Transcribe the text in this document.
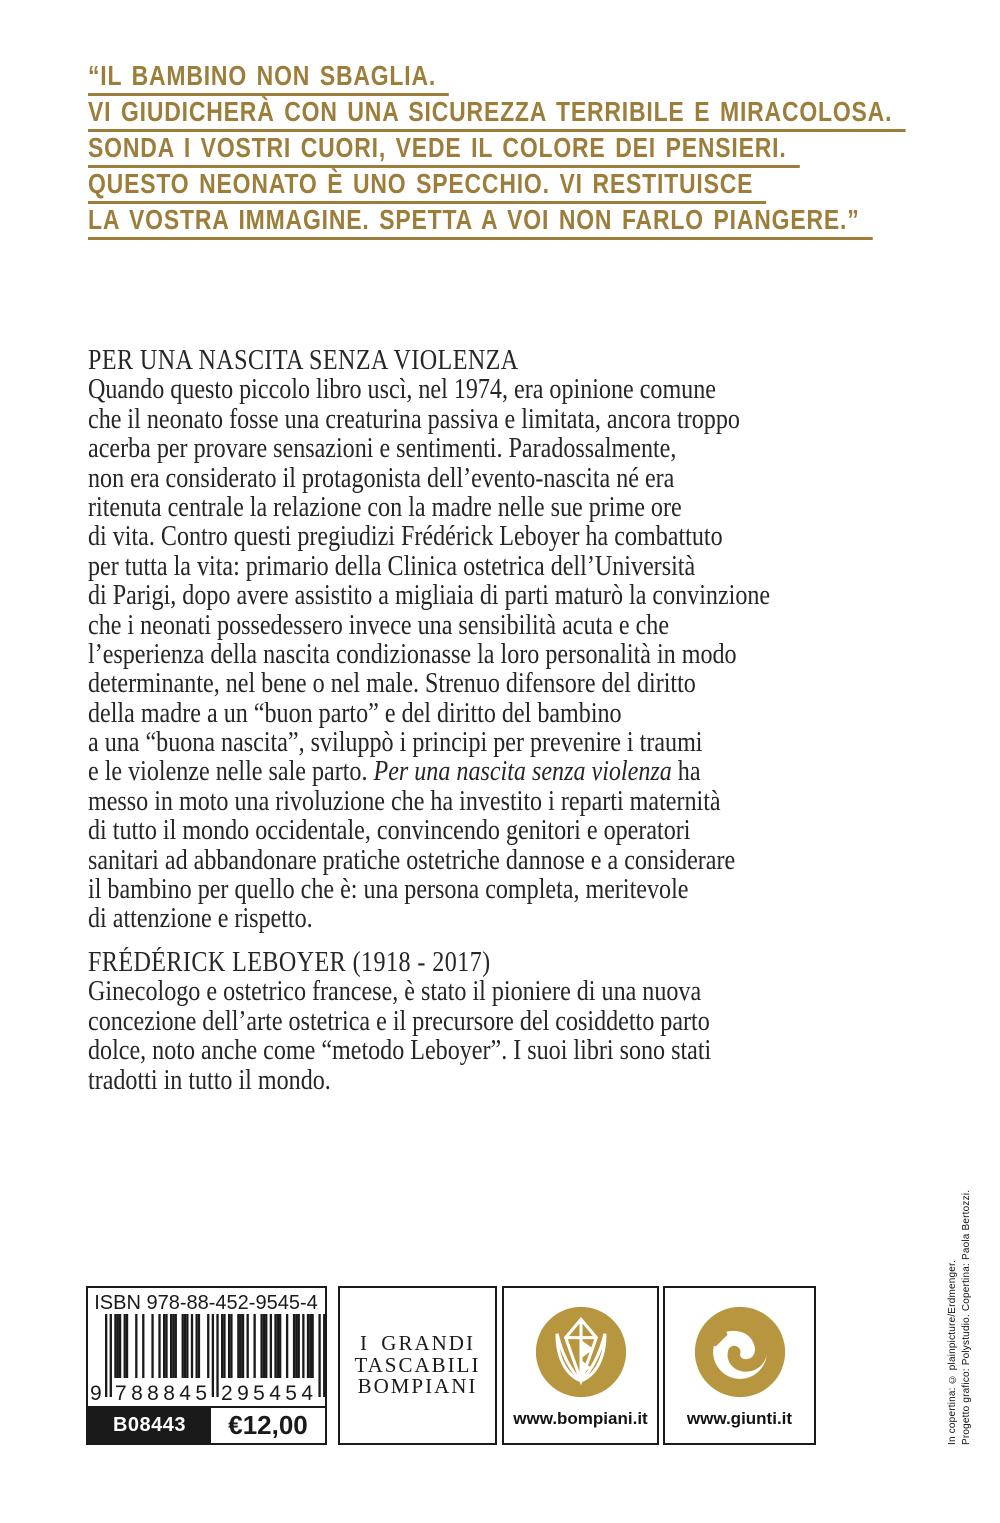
“IL BAMBINO NON SBAGLIA.
VI GIUDICHERÀ CON UNA SICUREZZA TERRIBILE E MIRACOLOSA.
SONDA I VOSTRI CUORI, VEDE IL COLORE DEI PENSIERI.
QUESTO NEONATO È UNO SPECCHIO. VI RESTITUISCE
LA VOSTRA IMMAGINE. SPETTA A VOI NON FARLO PIANGERE.”
PER UNA NASCITA SENZA VIOLENZA
Quando questo piccolo libro uscì, nel 1974, era opinione comune
che il neonato fosse una creaturina passiva e limitata, ancora troppo
acerba per provare sensazioni e sentimenti. Paradossalmente,
non era considerato il protagonista dell’evento-nascita né era
ritenuta centrale la relazione con la madre nelle sue prime ore
di vita. Contro questi pregiudizi Frédérick Leboyer ha combattuto
per tutta la vita: primario della Clinica ostetrica dell’Università
di Parigi, dopo avere assistito a migliaia di parti maturò la convinzione
che i neonati possedessero invece una sensibilità acuta e che
l’esperienza della nascita condizionasse la loro personalità in modo
determinante, nel bene o nel male. Strenuo difensore del diritto
della madre a un “buon parto” e del diritto del bambino
a una “buona nascita”, sviluppò i principi per prevenire i traumi
e le violenze nelle sale parto. Per una nascita senza violenza ha
messo in moto una rivoluzione che ha investito i reparti maternità
di tutto il mondo occidentale, convincendo genitori e operatori
sanitari ad abbandonare pratiche ostetriche dannose e a considerare
il bambino per quello che è: una persona completa, meritevole
di attenzione e rispetto.
FRÉDÉRICK LEBOYER (1918 - 2017)
Ginecologo e ostetrico francese, è stato il pioniere di una nuova
concezione dell’arte ostetrica e il precursore del cosiddetto parto
dolce, noto anche come “metodo Leboyer”. I suoi libri sono stati
tradotti in tutto il mondo.
ISBN 978-88-452-9545-4
9 788845 295454
B08443	€12,00
I GRANDI
TASCABILI
BOMPIANI
www.bompiani.it www.giunti.it	In copertina: © plainpicture/Erdmenger. Progetto grafico: Polystudio. Copertina: Paola Bertozzi.
